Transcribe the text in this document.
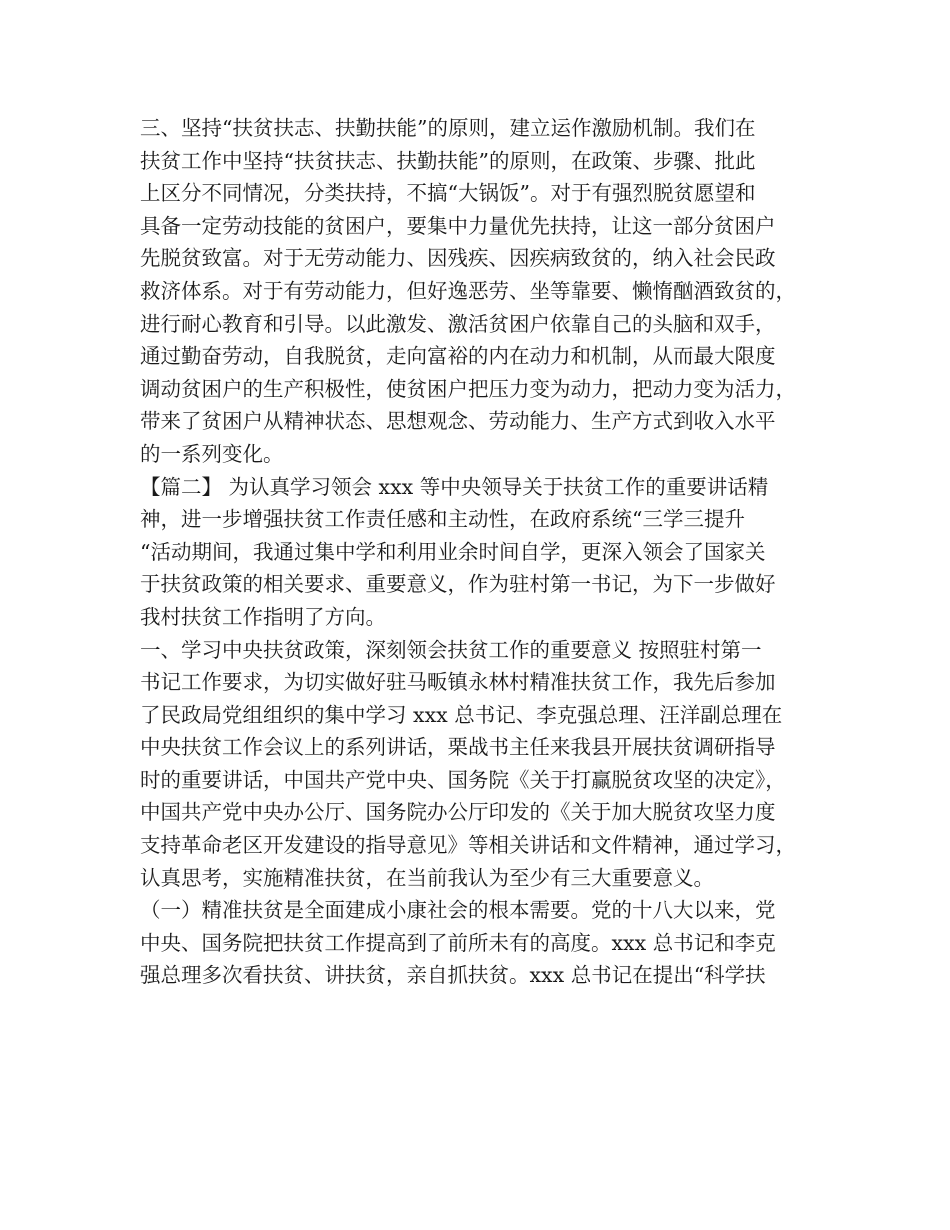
三、坚持“扶贫扶志、扶勤扶能”的原则，建立运作激励机制。我们在
扶贫工作中坚持“扶贫扶志、扶勤扶能”的原则，在政策、步骤、批此
上区分不同情况，分类扶持，不搞“大锅饭”。对于有强烈脱贫愿望和
具备一定劳动技能的贫困户，要集中力量优先扶持，让这一部分贫困户
先脱贫致富。对于无劳动能力、因残疾、因疾病致贫的，纳入社会民政
救济体系。对于有劳动能力，但好逸恶劳、坐等靠要、懒惰酗酒致贫的，
进行耐心教育和引导。以此激发、激活贫困户依靠自己的头脑和双手，
通过勤奋劳动，自我脱贫，走向富裕的内在动力和机制，从而最大限度
调动贫困户的生产积极性，使贫困户把压力变为动力，把动力变为活力，
带来了贫困户从精神状态、思想观念、劳动能力、生产方式到收入水平
的一系列变化。
【篇二】 为认真学习领会 xxx 等中央领导关于扶贫工作的重要讲话精
神，进一步增强扶贫工作责任感和主动性，在政府系统“三学三提升
“活动期间，我通过集中学和利用业余时间自学，更深入领会了国家关
于扶贫政策的相关要求、重要意义，作为驻村第一书记，为下一步做好
我村扶贫工作指明了方向。
一、学习中央扶贫政策，深刻领会扶贫工作的重要意义 按照驻村第一
书记工作要求，为切实做好驻马畈镇永林村精准扶贫工作，我先后参加
了民政局党组组织的集中学习 xxx 总书记、李克强总理、汪洋副总理在
中央扶贫工作会议上的系列讲话，栗战书主任来我县开展扶贫调研指导
时的重要讲话，中国共产党中央、国务院《关于打赢脱贫攻坚的决定》，
中国共产党中央办公厅、国务院办公厅印发的《关于加大脱贫攻坚力度
支持革命老区开发建设的指导意见》等相关讲话和文件精神，通过学习，
认真思考，实施精准扶贫，在当前我认为至少有三大重要意义。
（一）精准扶贫是全面建成小康社会的根本需要。党的十八大以来，党
中央、国务院把扶贫工作提高到了前所未有的高度。xxx 总书记和李克
强总理多次看扶贫、讲扶贫，亲自抓扶贫。xxx 总书记在提出“科学扶
